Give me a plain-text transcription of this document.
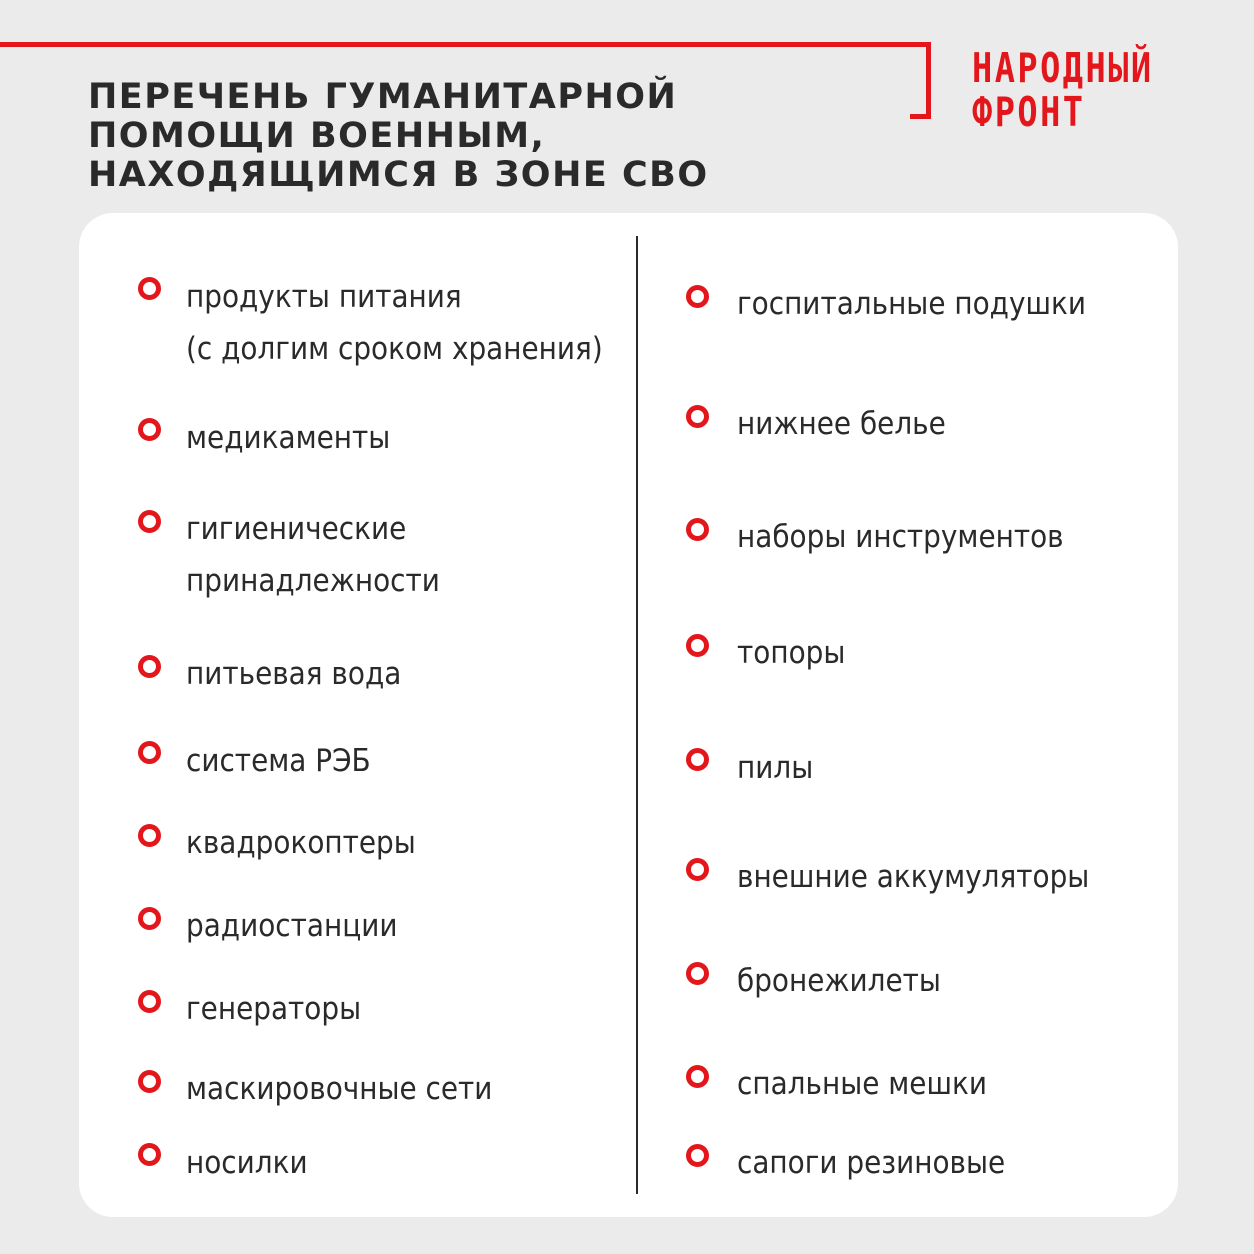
НАРОДНЫЙ
ФРОНТ
ПЕРЕЧЕНЬ ГУМАНИТАРНОЙ
ПОМОЩИ ВОЕННЫМ,
НАХОДЯЩИМСЯ В ЗОНЕ СВО
продукты питания
(с долгим сроком хранения)
медикаменты
гигиенические
принадлежности
питьевая вода
система РЭБ
квадрокоптеры
радиостанции
генераторы
маскировочные сети
носилки
госпитальные подушки
нижнее белье
наборы инструментов
топоры
пилы
внешние аккумуляторы
бронежилеты
спальные мешки
сапоги резиновые
